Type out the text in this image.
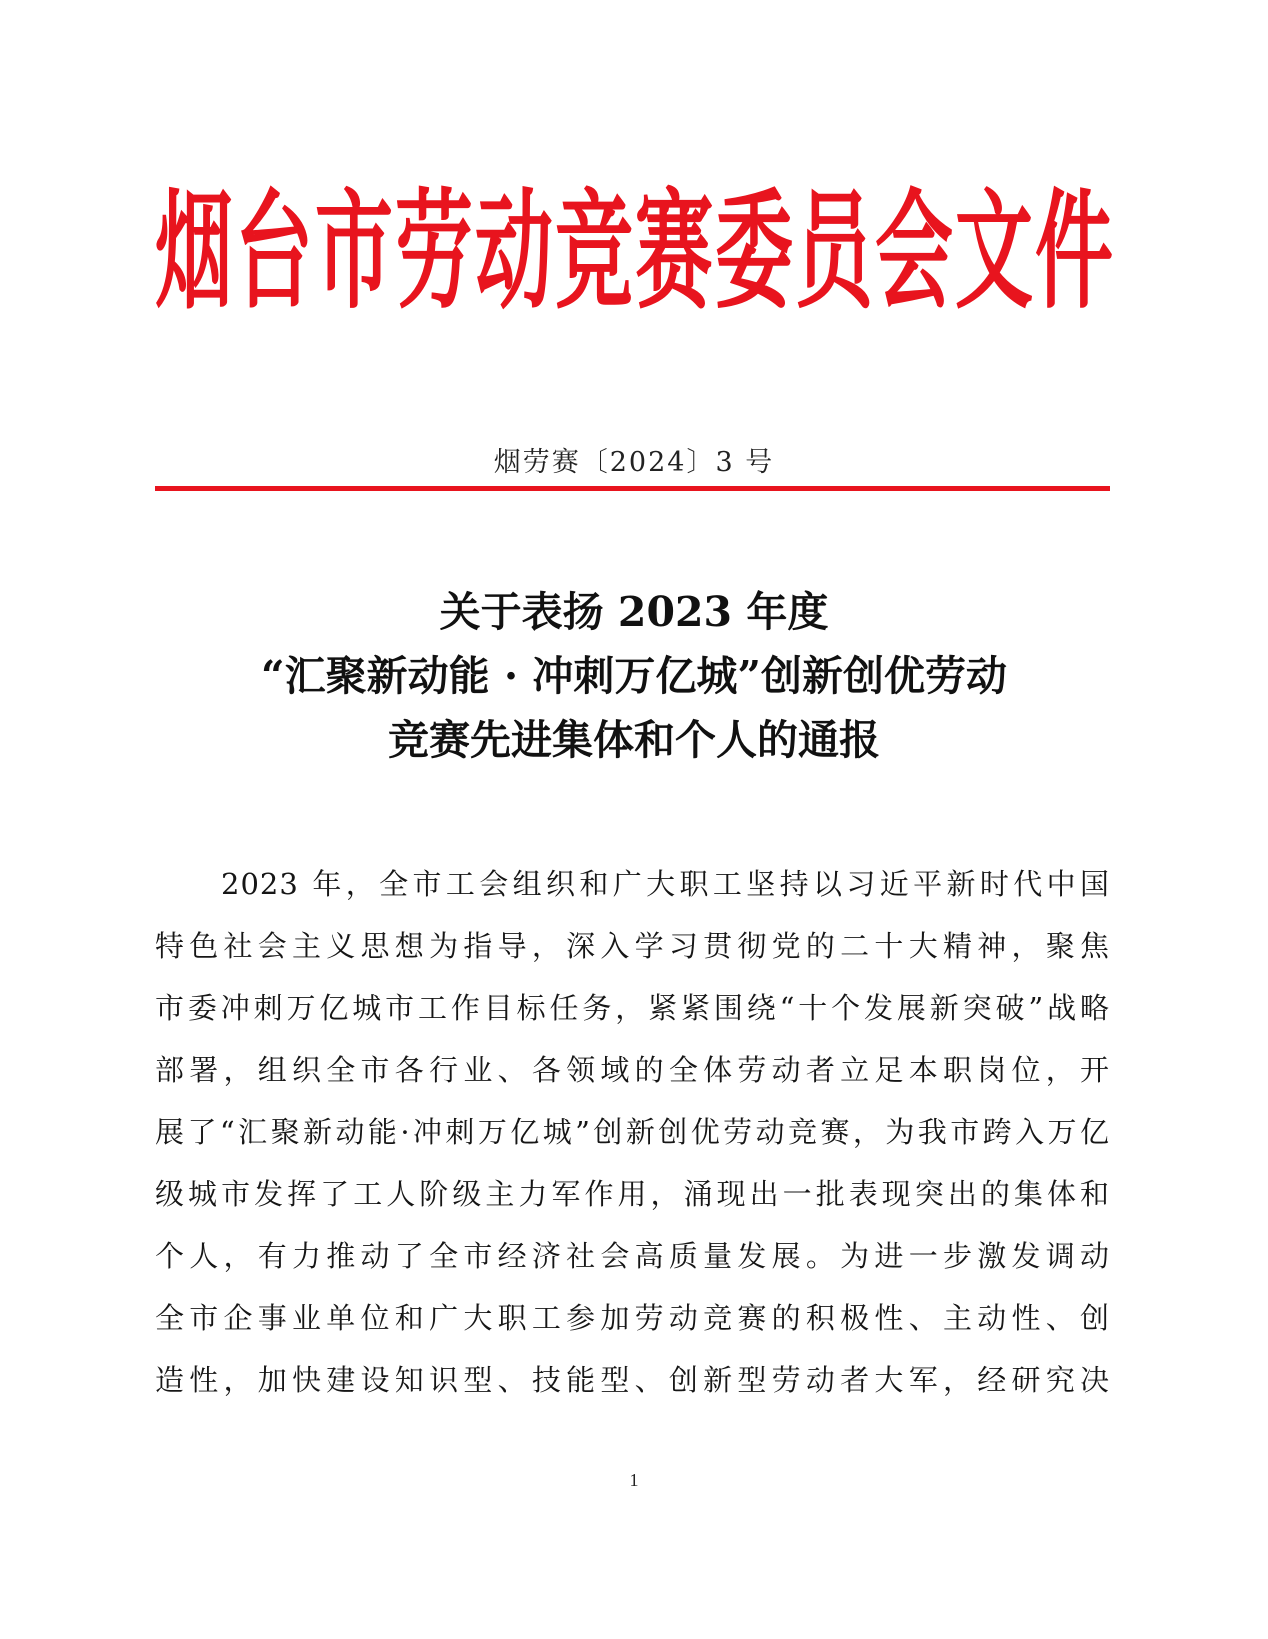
烟台市劳动竞赛委员会文件
烟劳赛〔2024〕3 号
关于表扬 2023 年度
“汇聚新动能 · 冲刺万亿城”创新创优劳动
竞赛先进集体和个人的通报
2023 年，全市工会组织和广大职工坚持以习近平新时代中国
特色社会主义思想为指导，深入学习贯彻党的二十大精神，聚焦
市委冲刺万亿城市工作目标任务，紧紧围绕“十个发展新突破”战略
部署，组织全市各行业、各领域的全体劳动者立足本职岗位，开
展了“汇聚新动能·冲刺万亿城”创新创优劳动竞赛，为我市跨入万亿
级城市发挥了工人阶级主力军作用，涌现出一批表现突出的集体和
个人，有力推动了全市经济社会高质量发展。为进一步激发调动
全市企事业单位和广大职工参加劳动竞赛的积极性、主动性、创
造性，加快建设知识型、技能型、创新型劳动者大军，经研究决
1
